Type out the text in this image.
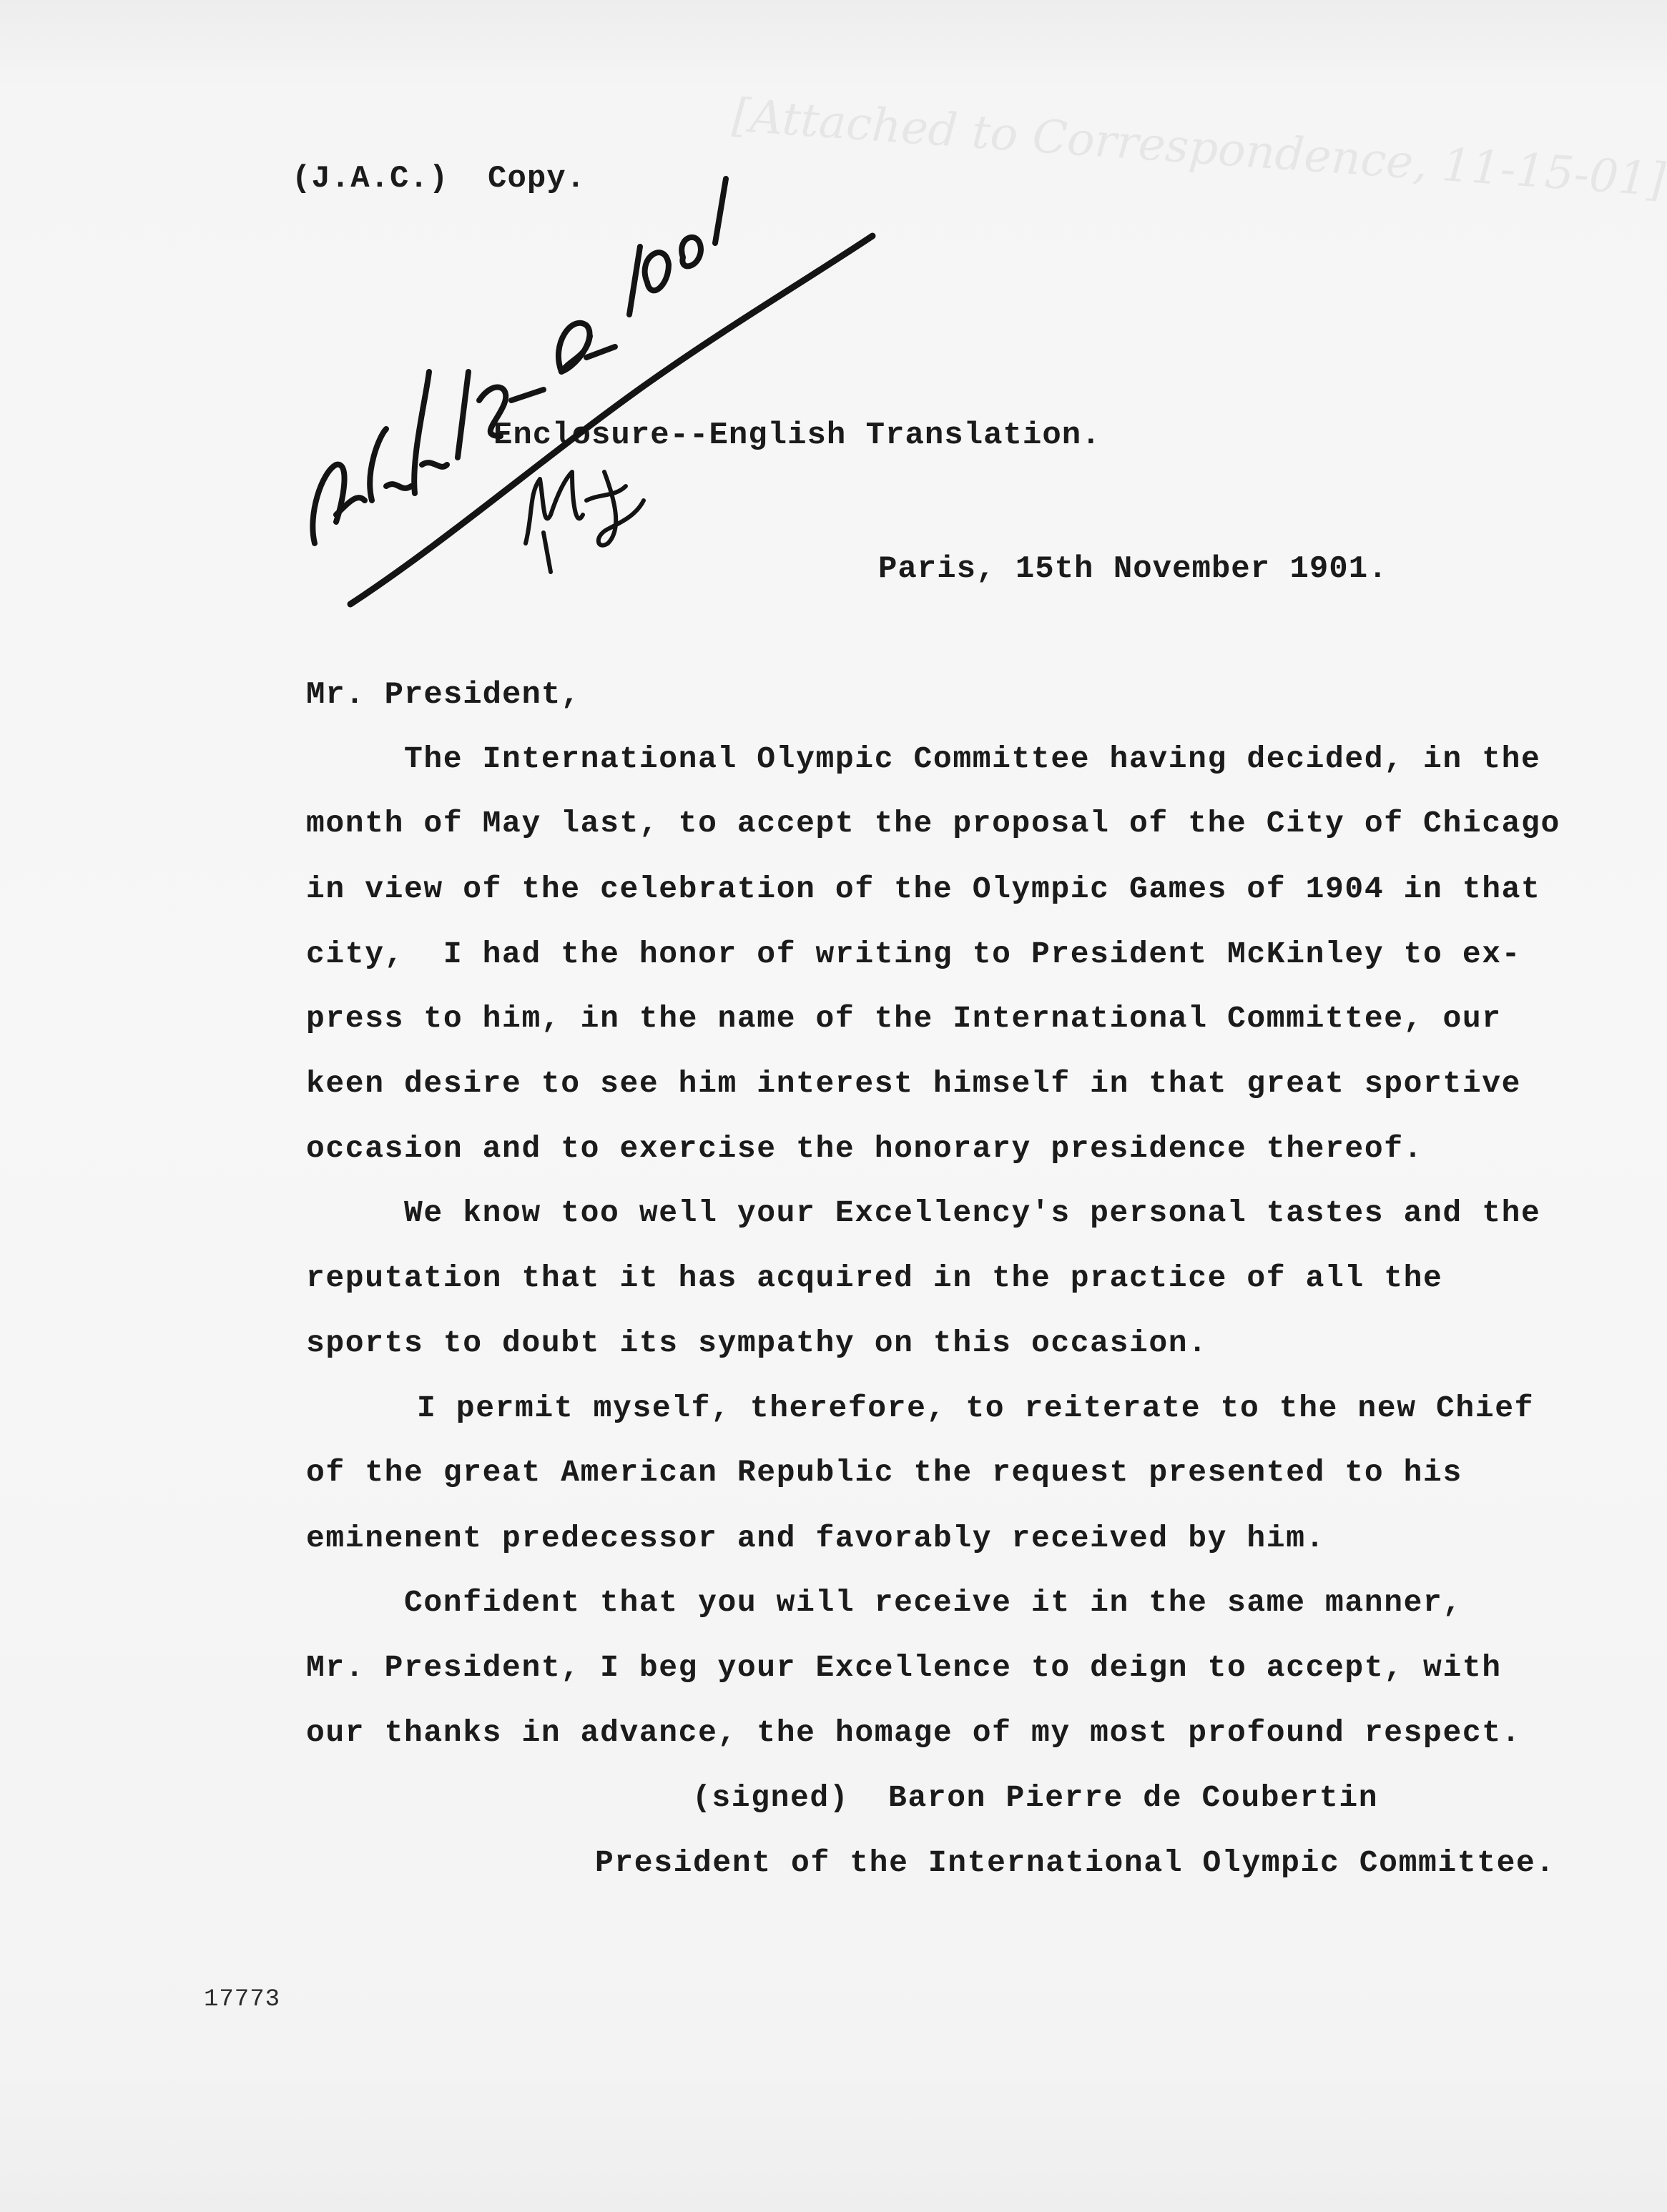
[Attached to Correspondence, 11-15-01]
(J.A.C.)  Copy.
Enclosure--English Translation.
Paris, 15th November 1901.
Mr. President,
The International Olympic Committee having decided, in the
month of May last, to accept the proposal of the City of Chicago
in view of the celebration of the Olympic Games of 1904 in that
city,  I had the honor of writing to President McKinley to ex-
press to him, in the name of the International Committee, our
keen desire to see him interest himself in that great sportive
occasion and to exercise the honorary presidence thereof.
We know too well your Excellency's personal tastes and the
reputation that it has acquired in the practice of all the
sports to doubt its sympathy on this occasion.
I permit myself, therefore, to reiterate to the new Chief
of the great American Republic the request presented to his
eminenent predecessor and favorably received by him.
Confident that you will receive it in the same manner,
Mr. President, I beg your Excellence to deign to accept, with
our thanks in advance, the homage of my most profound respect.
(signed)  Baron Pierre de Coubertin
President of the International Olympic Committee.
17773
